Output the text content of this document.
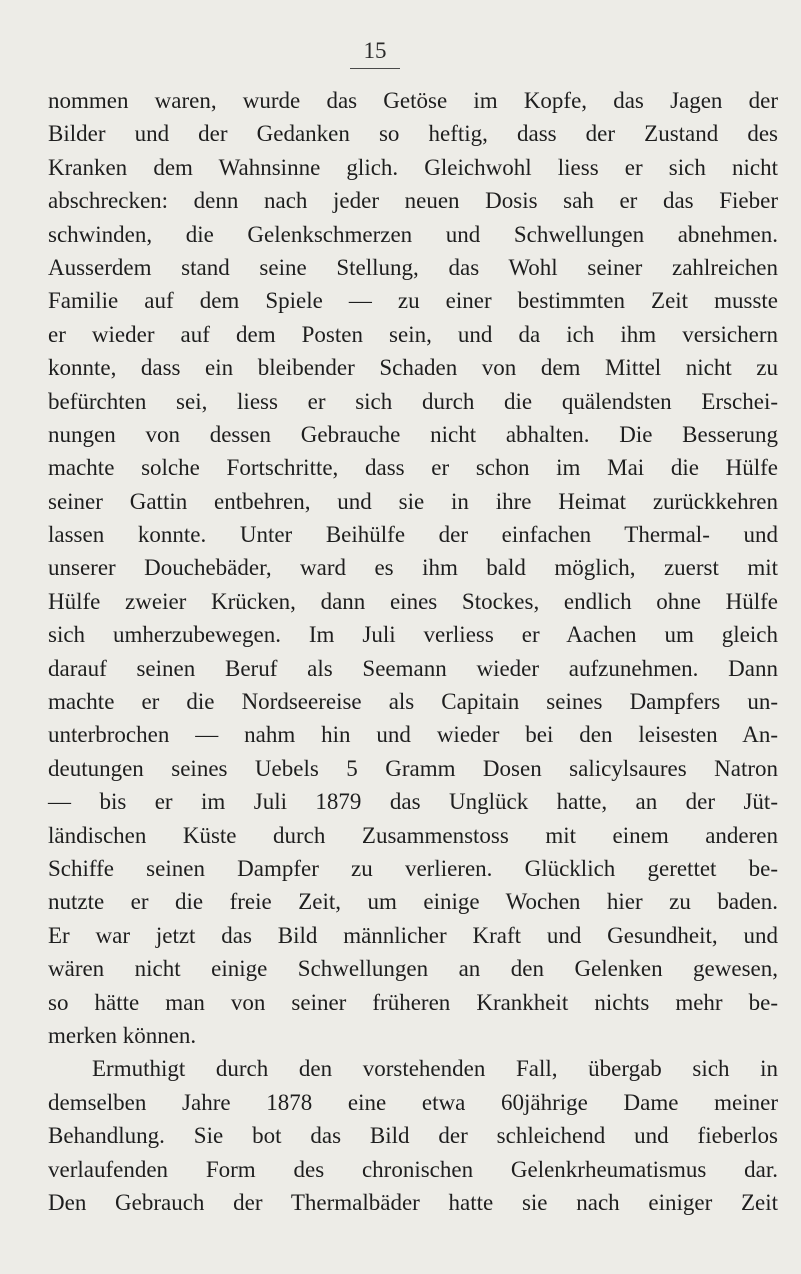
15
nommen waren, wurde das Getöse im Kopfe, das Jagen der
Bilder und der Gedanken so heftig, dass der Zustand des
Kranken dem Wahnsinne glich. Gleichwohl liess er sich nicht
abschrecken: denn nach jeder neuen Dosis sah er das Fieber
schwinden, die Gelenkschmerzen und Schwellungen abnehmen.
Ausserdem stand seine Stellung, das Wohl seiner zahlreichen
Familie auf dem Spiele — zu einer bestimmten Zeit musste
er wieder auf dem Posten sein, und da ich ihm versichern
konnte, dass ein bleibender Schaden von dem Mittel nicht zu
befürchten sei, liess er sich durch die quälendsten Erschei-
nungen von dessen Gebrauche nicht abhalten. Die Besserung
machte solche Fortschritte, dass er schon im Mai die Hülfe
seiner Gattin entbehren, und sie in ihre Heimat zurückkehren
lassen konnte. Unter Beihülfe der einfachen Thermal- und
unserer Douchebäder, ward es ihm bald möglich, zuerst mit
Hülfe zweier Krücken, dann eines Stockes, endlich ohne Hülfe
sich umherzubewegen. Im Juli verliess er Aachen um gleich
darauf seinen Beruf als Seemann wieder aufzunehmen. Dann
machte er die Nordseereise als Capitain seines Dampfers un-
unterbrochen — nahm hin und wieder bei den leisesten An-
deutungen seines Uebels 5 Gramm Dosen salicylsaures Natron
— bis er im Juli 1879 das Unglück hatte, an der Jüt-
ländischen Küste durch Zusammenstoss mit einem anderen
Schiffe seinen Dampfer zu verlieren. Glücklich gerettet be-
nutzte er die freie Zeit, um einige Wochen hier zu baden.
Er war jetzt das Bild männlicher Kraft und Gesundheit, und
wären nicht einige Schwellungen an den Gelenken gewesen,
so hätte man von seiner früheren Krankheit nichts mehr be-
merken können.
Ermuthigt durch den vorstehenden Fall, übergab sich in
demselben Jahre 1878 eine etwa 60jährige Dame meiner
Behandlung. Sie bot das Bild der schleichend und fieberlos
verlaufenden Form des chronischen Gelenkrheumatismus dar.
Den Gebrauch der Thermalbäder hatte sie nach einiger Zeit
